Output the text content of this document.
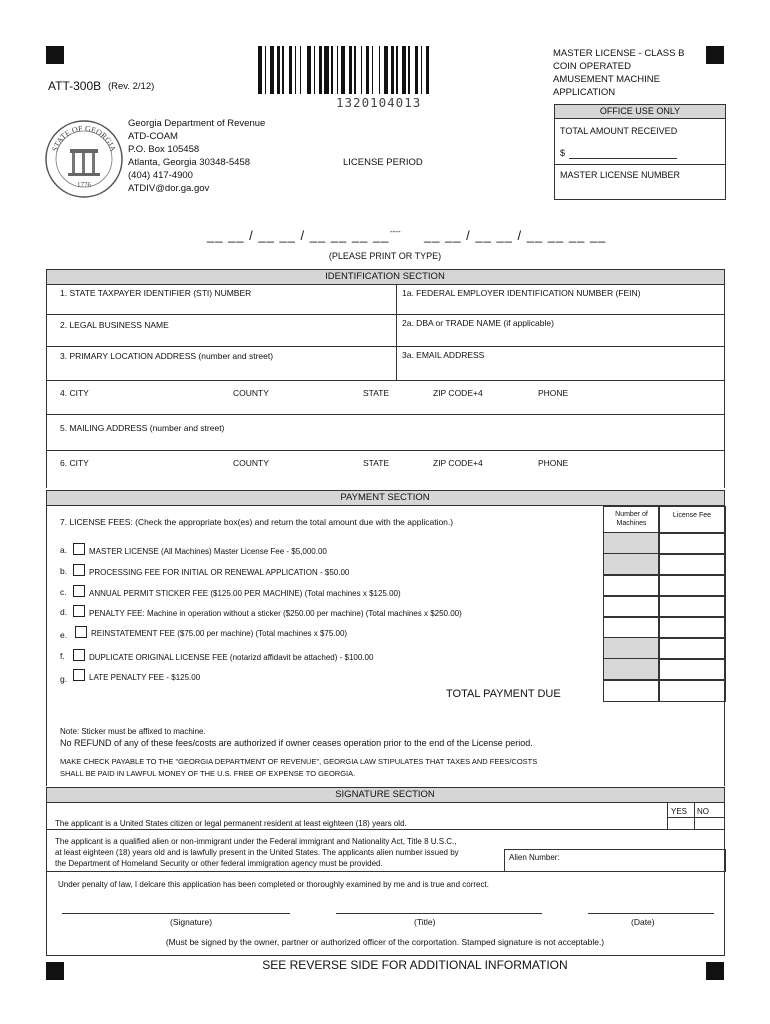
ATT-300B (Rev. 2/12)
STATE OF GEORGIA
1776
Georgia Department of Revenue
ATD-COAM
P.O. Box 105458
Atlanta, Georgia 30348-5458
(404) 417-4900
ATDIV@dor.ga.gov
1320104013
LICENSE PERIOD
MASTER LICENSE - CLASS B
COIN OPERATED
AMUSEMENT MACHINE
APPLICATION
OFFICE USE ONLY
TOTAL AMOUNT RECEIVED
$
MASTER LICENSE NUMBER
__ __ / __ __ / __ __ __ __ ---- __ __ / __ __ / __ __ __ __
(PLEASE PRINT OR TYPE)
IDENTIFICATION SECTION
1. STATE TAXPAYER IDENTIFIER (STI) NUMBER	1a. FEDERAL EMPLOYER IDENTIFICATION NUMBER (FEIN)
2. LEGAL BUSINESS NAME	2a. DBA or TRADE NAME (if applicable)
3. PRIMARY LOCATION ADDRESS (number and street)	3a. EMAIL ADDRESS
4. CITY	COUNTY	STATE	ZIP CODE+4	PHONE
5. MAILING ADDRESS (number and street)
6. CITY	COUNTY	STATE	ZIP CODE+4	PHONE
PAYMENT SECTION
7. LICENSE FEES: (Check the appropriate box(es) and return the total amount due with the application.)
Number of Machines
License Fee
a.	MASTER LICENSE (All Machines) Master License Fee - $5,000.00
b.	PROCESSING FEE FOR INITIAL OR RENEWAL APPLICATION - $50.00
c.	ANNUAL PERMIT STICKER FEE ($125.00 PER MACHINE) (Total machines x $125.00)
d.	PENALTY FEE: Machine in operation without a sticker ($250.00 per machine) (Total machines x $250.00)
e.	REINSTATEMENT FEE ($75.00 per machine) (Total machines x $75.00)
f.	DUPLICATE ORIGINAL LICENSE FEE (notarizd affidavit be attached) - $100.00
g.	LATE PENALTY FEE - $125.00
TOTAL PAYMENT DUE
Note: Sticker must be affixed to machine.
No REFUND of any of these fees/costs are authorized if owner ceases operation prior to the end of the License period.
MAKE CHECK PAYABLE TO THE "GEORGIA DEPARTMENT OF REVENUE", GEORGIA LAW STIPULATES THAT TAXES AND FEES/COSTS
SHALL BE PAID IN LAWFUL MONEY OF THE U.S. FREE OF EXPENSE TO GEORGIA.
SIGNATURE SECTION
YES NO
The applicant is a United States citizen or legal permanent resident at least eighteen (18) years old.
The applicant is a qualified alien or non-immigrant under the Federal immigrant and Nationality Act, Title 8 U.S.C.,
at least eighteen (18) years old and is lawfully present in the United States. The applicants alien number issued by
the Department of Homeland Security or other federal immigration agency must be provided.
Alien Number:
Under penalty of law, I delcare this application has been completed or thoroughly examined by me and is true and correct.
(Signature)	(Title)	(Date)
(Must be signed by the owner, partner or authorized officer of the corportation. Stamped signature is not acceptable.)
SEE REVERSE SIDE FOR ADDITIONAL INFORMATION
